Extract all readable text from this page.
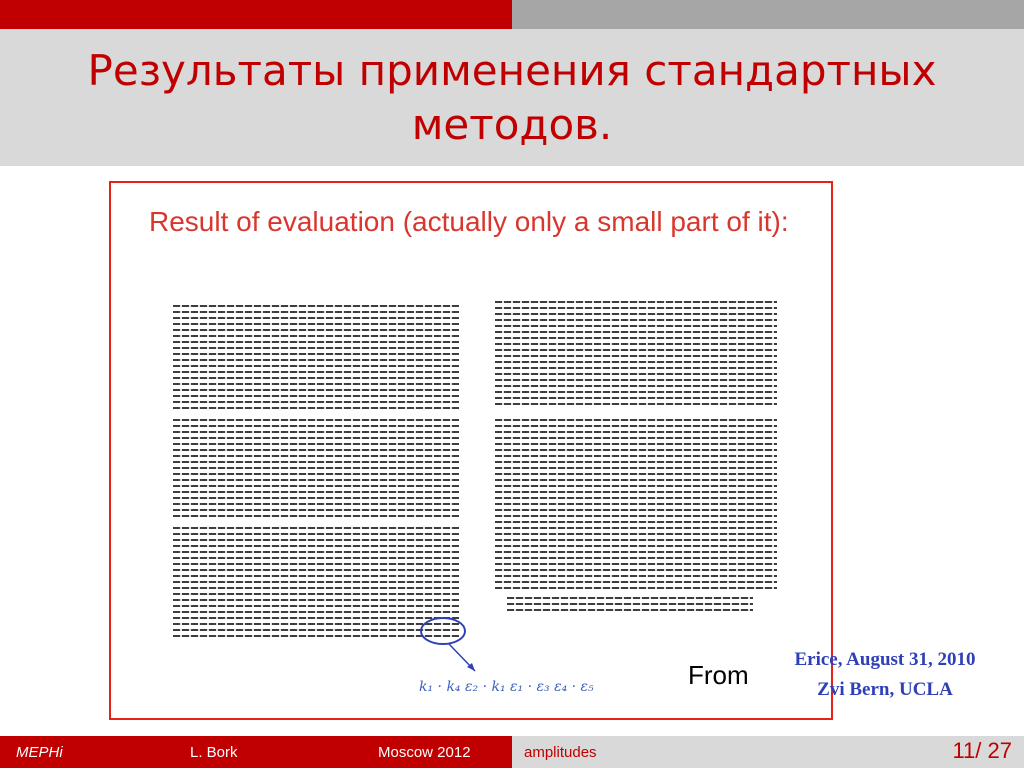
Результаты применения стандартных методов.
Result of evaluation (actually only a small part of it):
k₁ · k₄ ε₂ · k₁ ε₁ · ε₃ ε₄ · ε₅	From
Erice, August 31, 2010
Zvi Bern, UCLA
MEPHi	L. Bork	Moscow 2012	amplitudes	11/ 27
